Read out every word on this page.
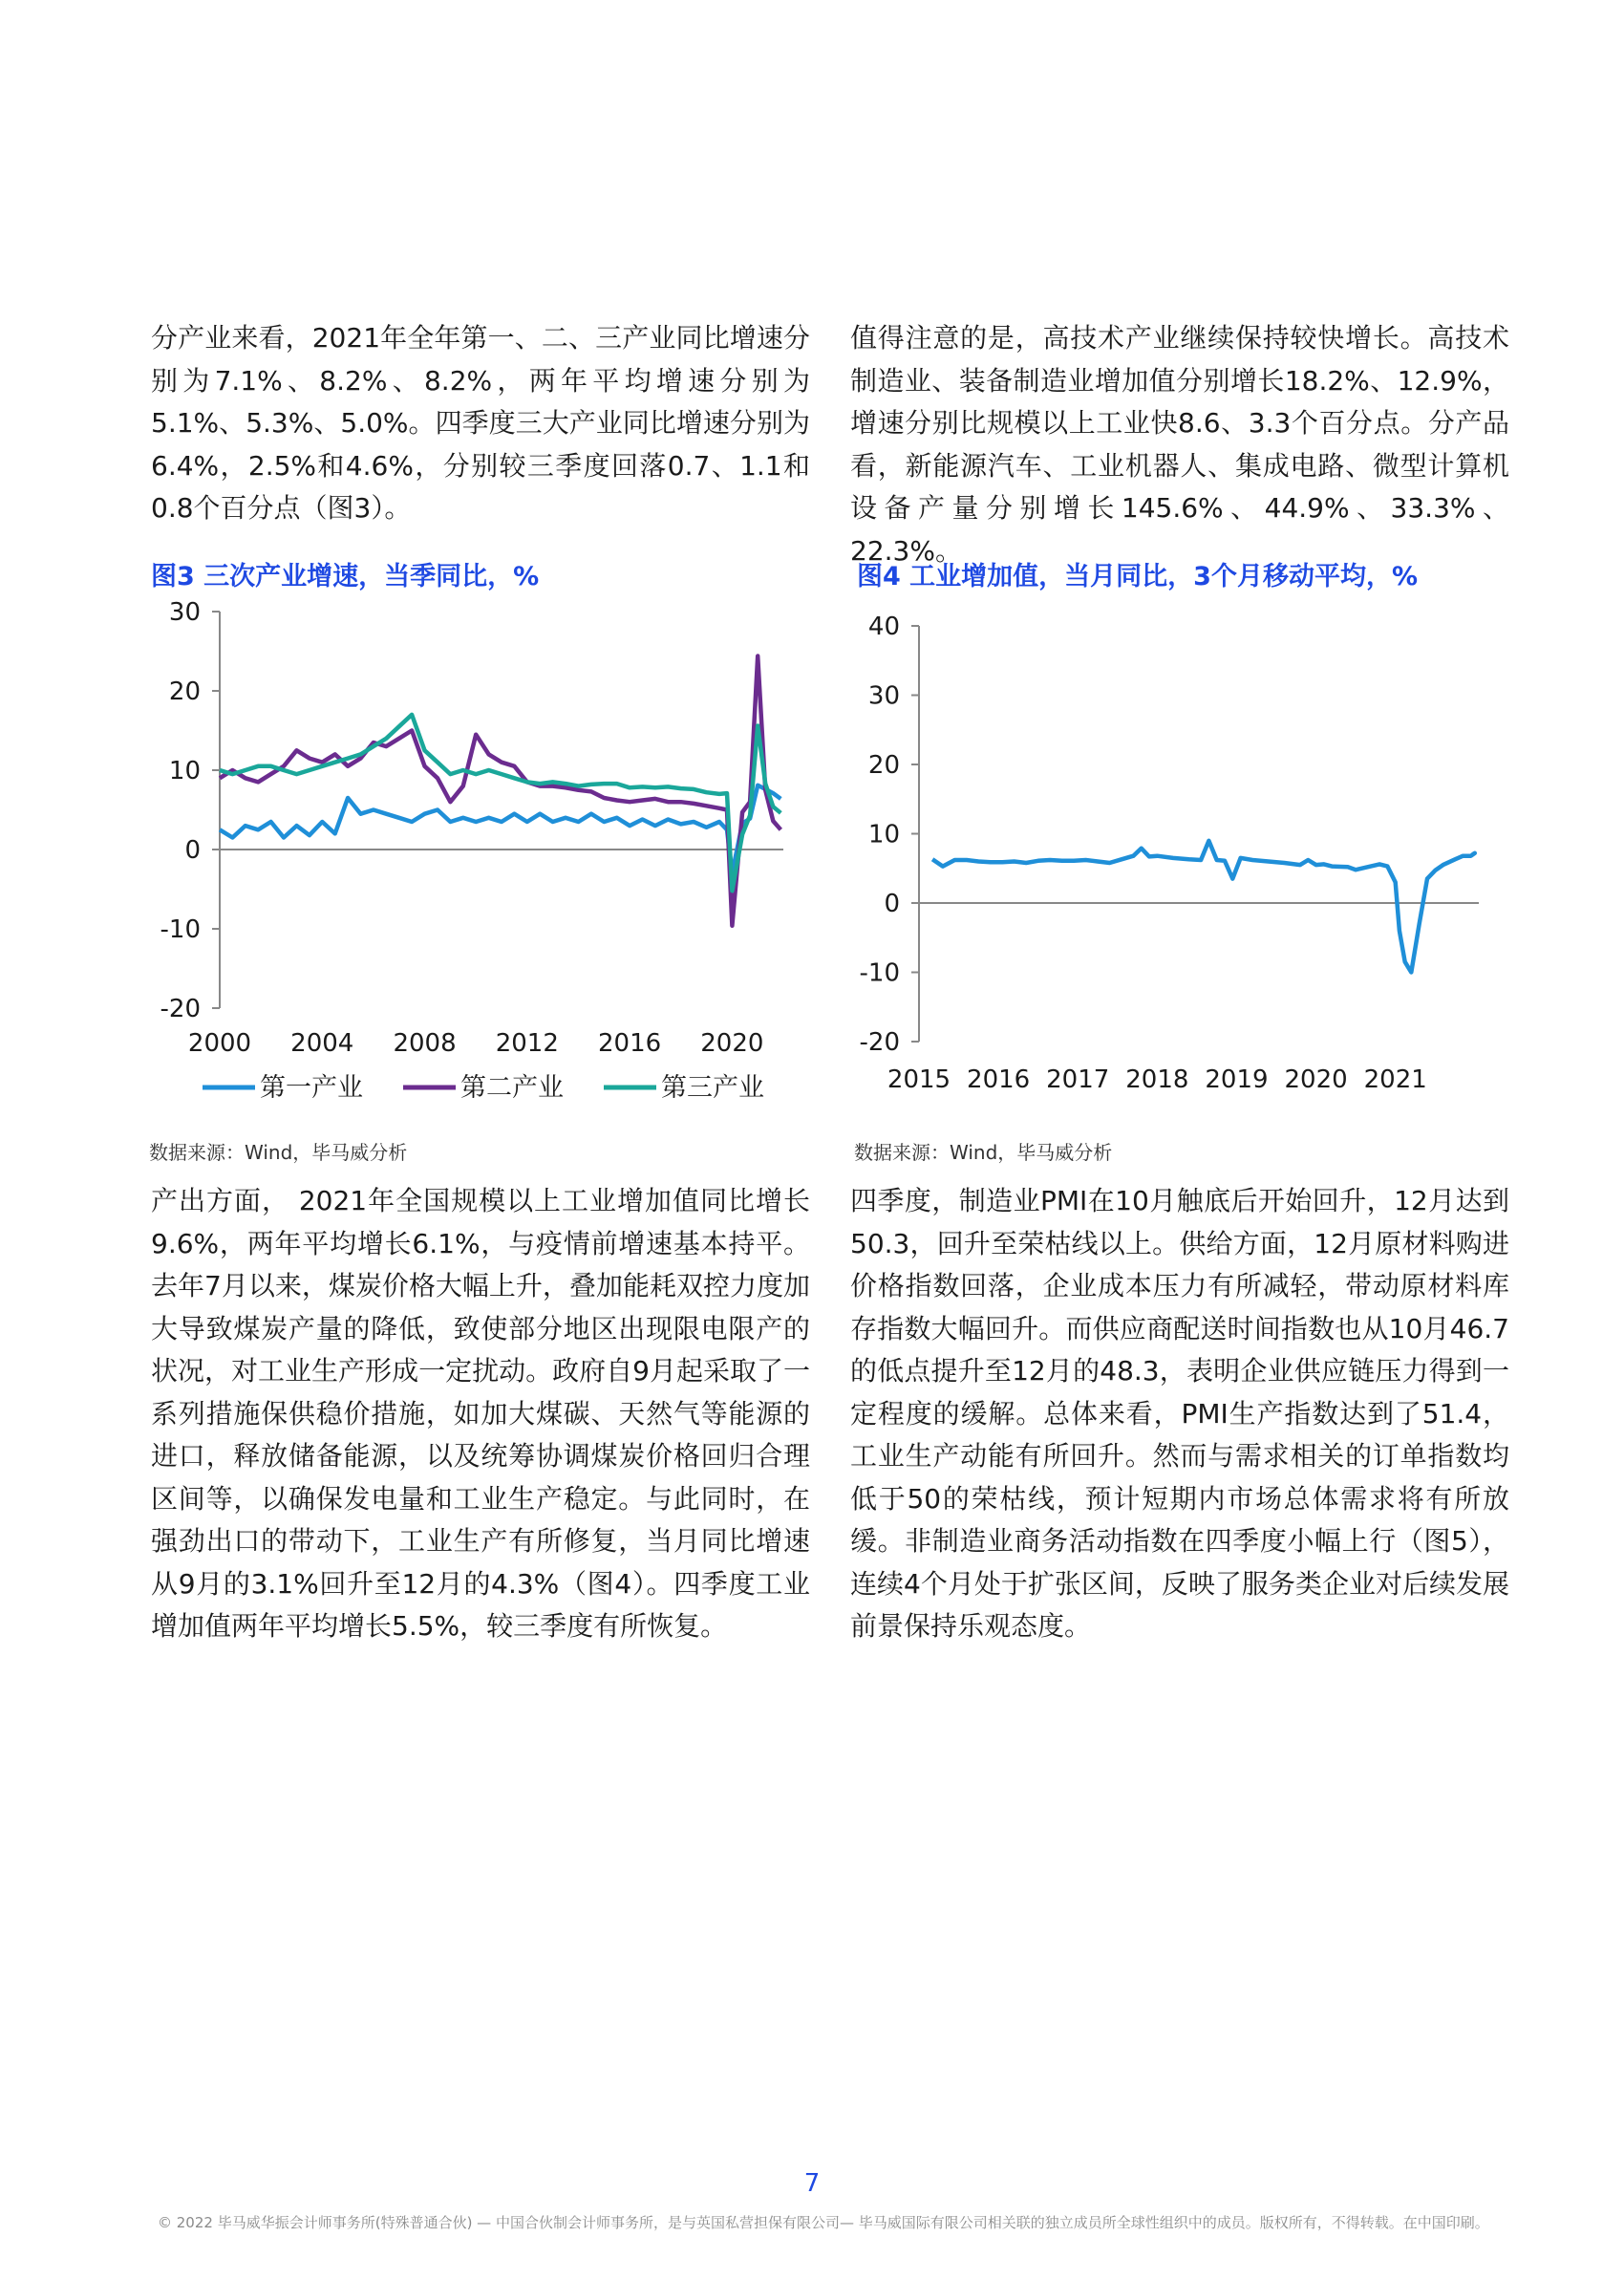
分产业来看，2021年全年第一、二、三产业同比增速分别为7.1%、8.2%、8.2%，两年平均增速分别为5.1%、5.3%、5.0%。四季度三大产业同比增速分别为6.4%，2.5%和4.6%，分别较三季度回落0.7、1.1和0.8个百分点（图3）。

图3 三次产业增速，当季同比，%

30
20
10
0
-10
-20
2000 2004 2008 2012 2016 2020
第一产业	第二产业	第三产业

数据来源：Wind，毕马威分析

产出方面， 2021年全国规模以上工业增加值同比增长9.6%，两年平均增长6.1%，与疫情前增速基本持平。去年7月以来，煤炭价格大幅上升，叠加能耗双控力度加大导致煤炭产量的降低，致使部分地区出现限电限产的状况，对工业生产形成一定扰动。政府自9月起采取了一系列措施保供稳价措施，如加大煤碳、天然气等能源的进口，释放储备能源，以及统筹协调煤炭价格回归合理区间等，以确保发电量和工业生产稳定。与此同时，在强劲出口的带动下，工业生产有所修复，当月同比增速从9月的3.1%回升至12月的4.3%（图4）。四季度工业增加值两年平均增长5.5%，较三季度有所恢复。

值得注意的是，高技术产业继续保持较快增长。高技术制造业、装备制造业增加值分别增长18.2%、12.9%，增速分别比规模以上工业快8.6、3.3个百分点。分产品看，新能源汽车、工业机器人、集成电路、微型计算机设备产量分别增长145.6%、44.9%、33.3%、22.3%。

图4 工业增加值，当月同比，3个月移动平均，%

40
30
20
10
0
-10
-20
2015 2016 2017 2018 2019 2020 2021

数据来源：Wind，毕马威分析

四季度，制造业PMI在10月触底后开始回升，12月达到50.3，回升至荣枯线以上。供给方面，12月原材料购进价格指数回落，企业成本压力有所减轻，带动原材料库存指数大幅回升。而供应商配送时间指数也从10月46.7的低点提升至12月的48.3，表明企业供应链压力得到一定程度的缓解。总体来看，PMI生产指数达到了51.4，工业生产动能有所回升。然而与需求相关的订单指数均低于50的荣枯线，预计短期内市场总体需求将有所放缓。非制造业商务活动指数在四季度小幅上行（图5），连续4个月处于扩张区间，反映了服务类企业对后续发展前景保持乐观态度。

7

© 2022 毕马威华振会计师事务所(特殊普通合伙) — 中国合伙制会计师事务所，是与英国私营担保有限公司— 毕马威国际有限公司相关联的独立成员所全球性组织中的成员。版权所有，不得转载。在中国印刷。
